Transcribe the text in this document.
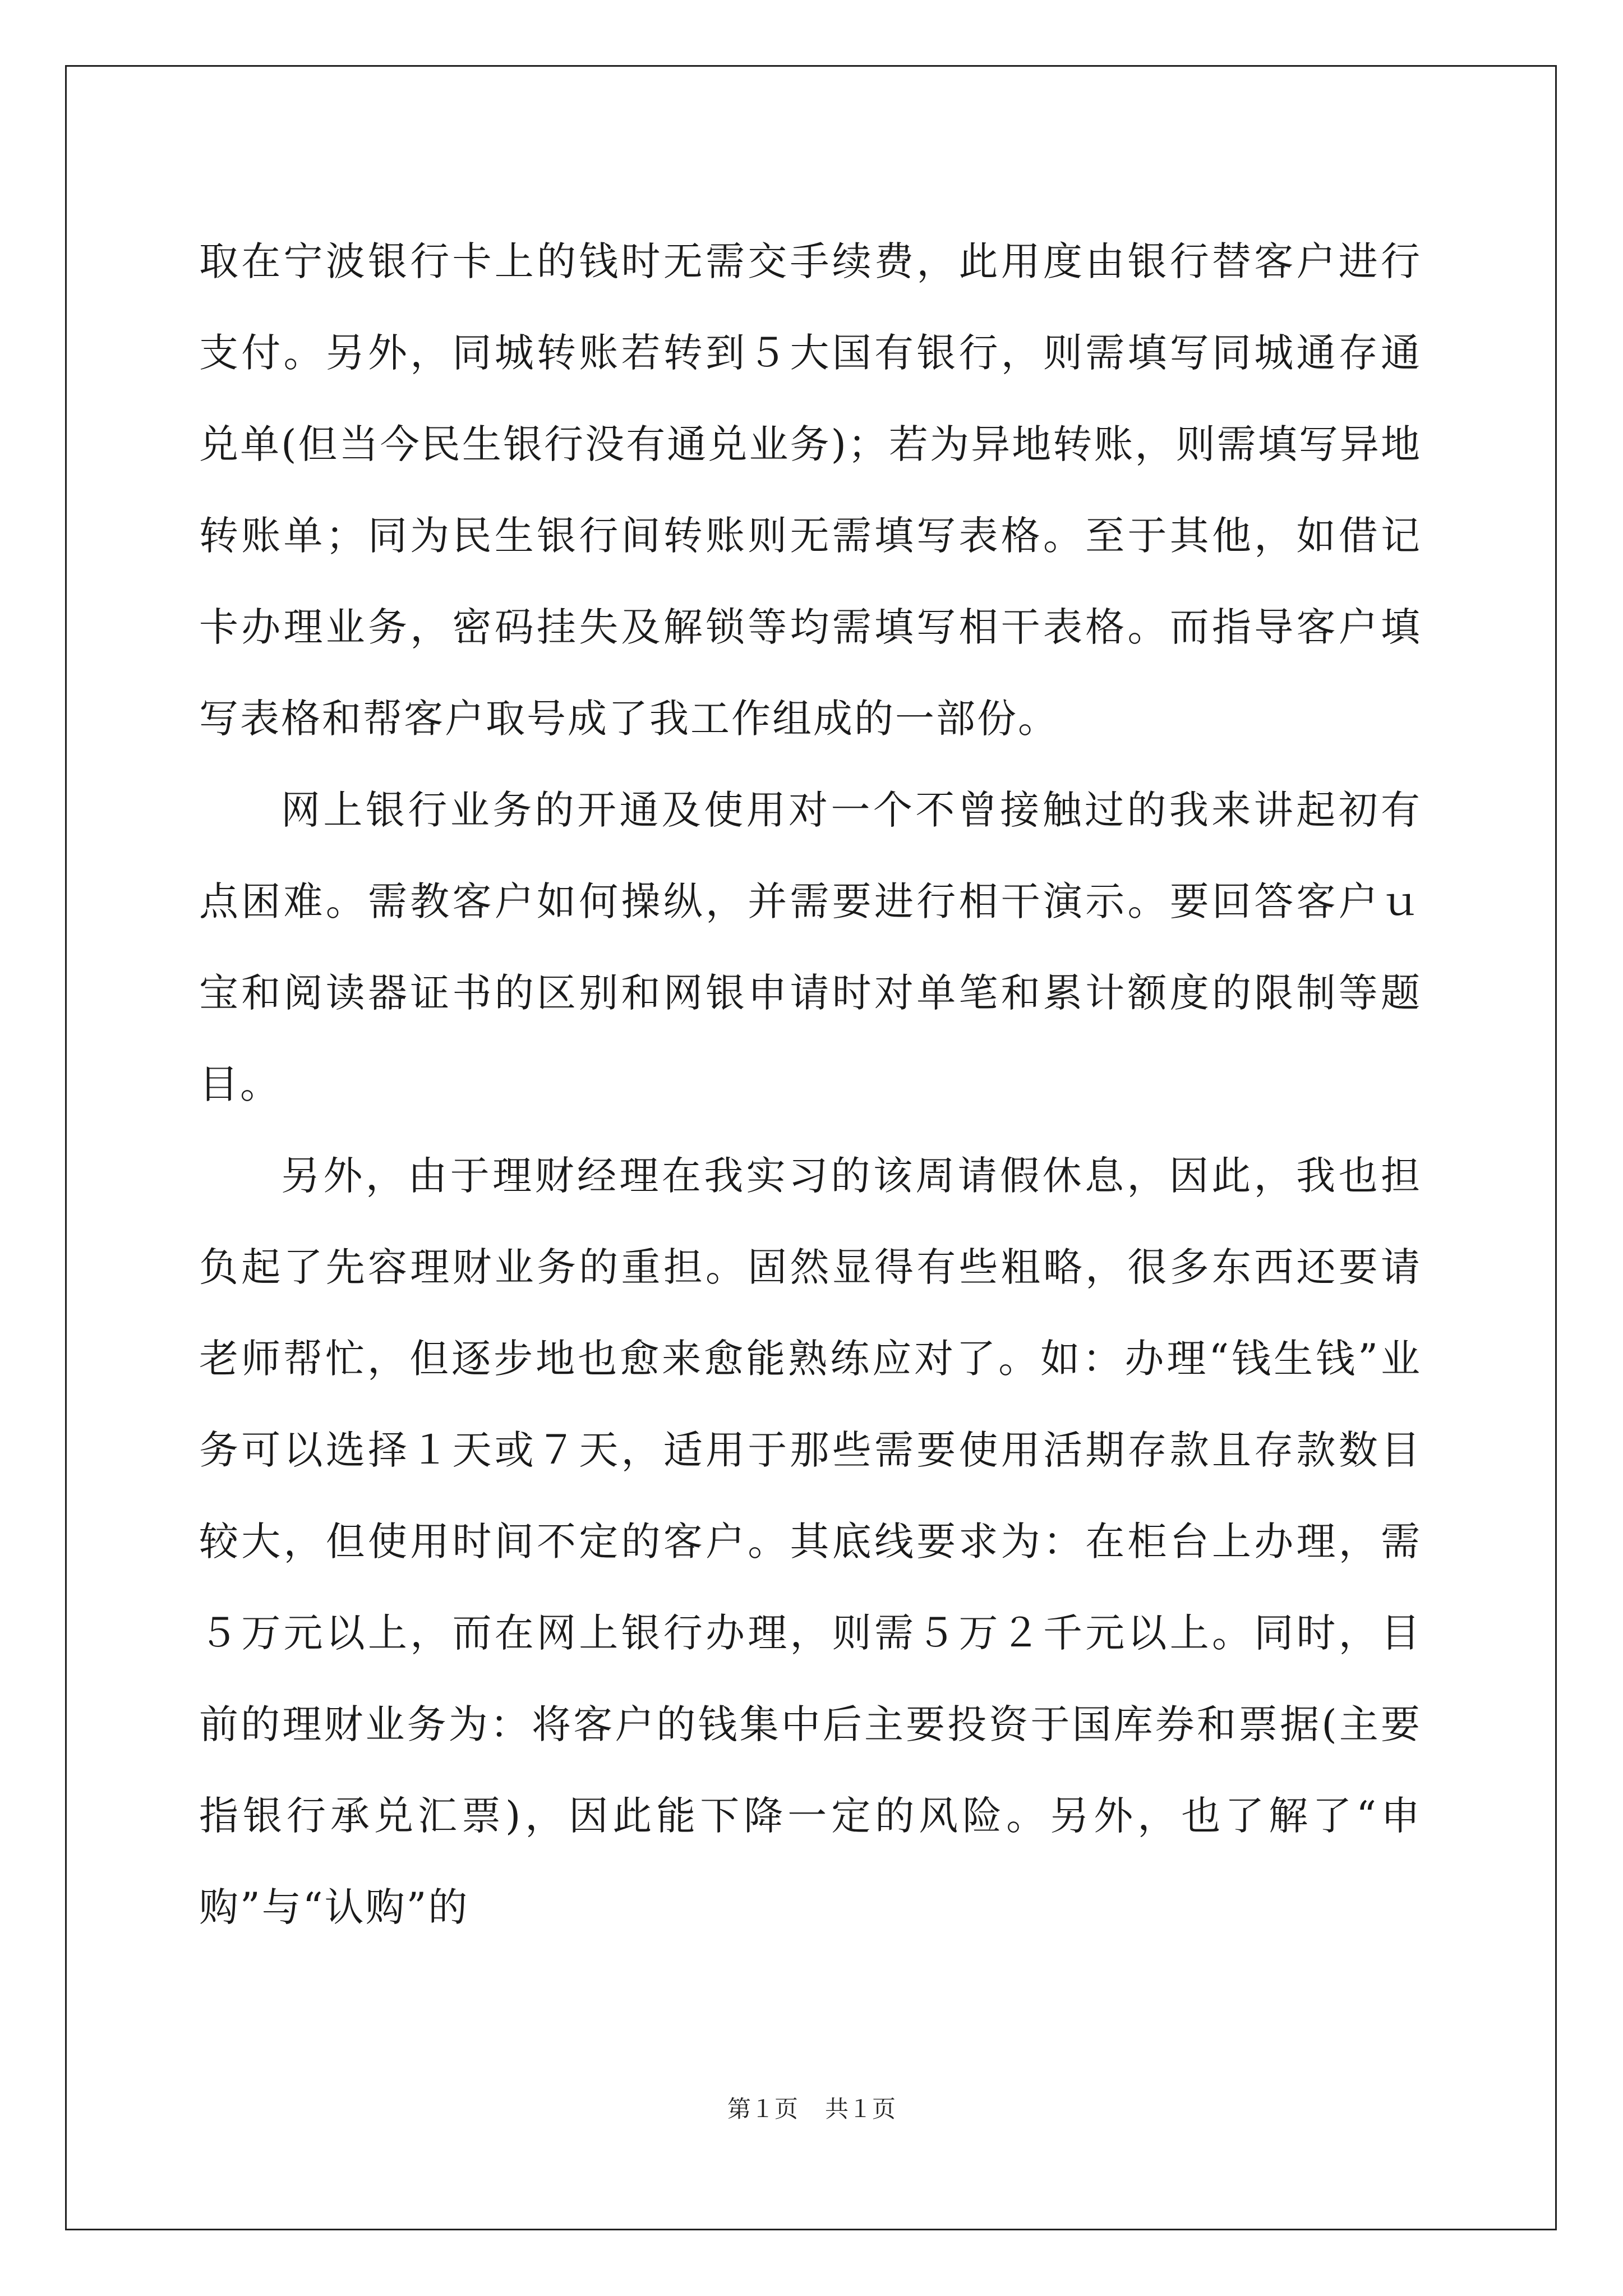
取在宁波银行卡上的钱时无需交手续费，此用度由银行替客户进行支付。另外，同城转账若转到５大国有银行，则需填写同城通存通兑单(但当今民生银行没有通兑业务)；若为异地转账，则需填写异地转账单；同为民生银行间转账则无需填写表格。至于其他，如借记卡办理业务，密码挂失及解锁等均需填写相干表格。而指导客户填写表格和帮客户取号成了我工作组成的一部份。

网上银行业务的开通及使用对一个不曾接触过的我来讲起初有点困难。需教客户如何操纵，并需要进行相干演示。要回答客户ｕ宝和阅读器证书的区别和网银申请时对单笔和累计额度的限制等题目。

另外，由于理财经理在我实习的该周请假休息，因此，我也担负起了先容理财业务的重担。固然显得有些粗略，很多东西还要请老师帮忙，但逐步地也愈来愈能熟练应对了。如：办理“钱生钱”业务可以选择１天或７天，适用于那些需要使用活期存款且存款数目较大，但使用时间不定的客户。其底线要求为：在柜台上办理，需５万元以上，而在网上银行办理，则需５万２千元以上。同时，目前的理财业务为：将客户的钱集中后主要投资于国库券和票据(主要指银行承兑汇票)，因此能下降一定的风险。另外，也了解了“申购”与“认购”的

第１页 共１页
